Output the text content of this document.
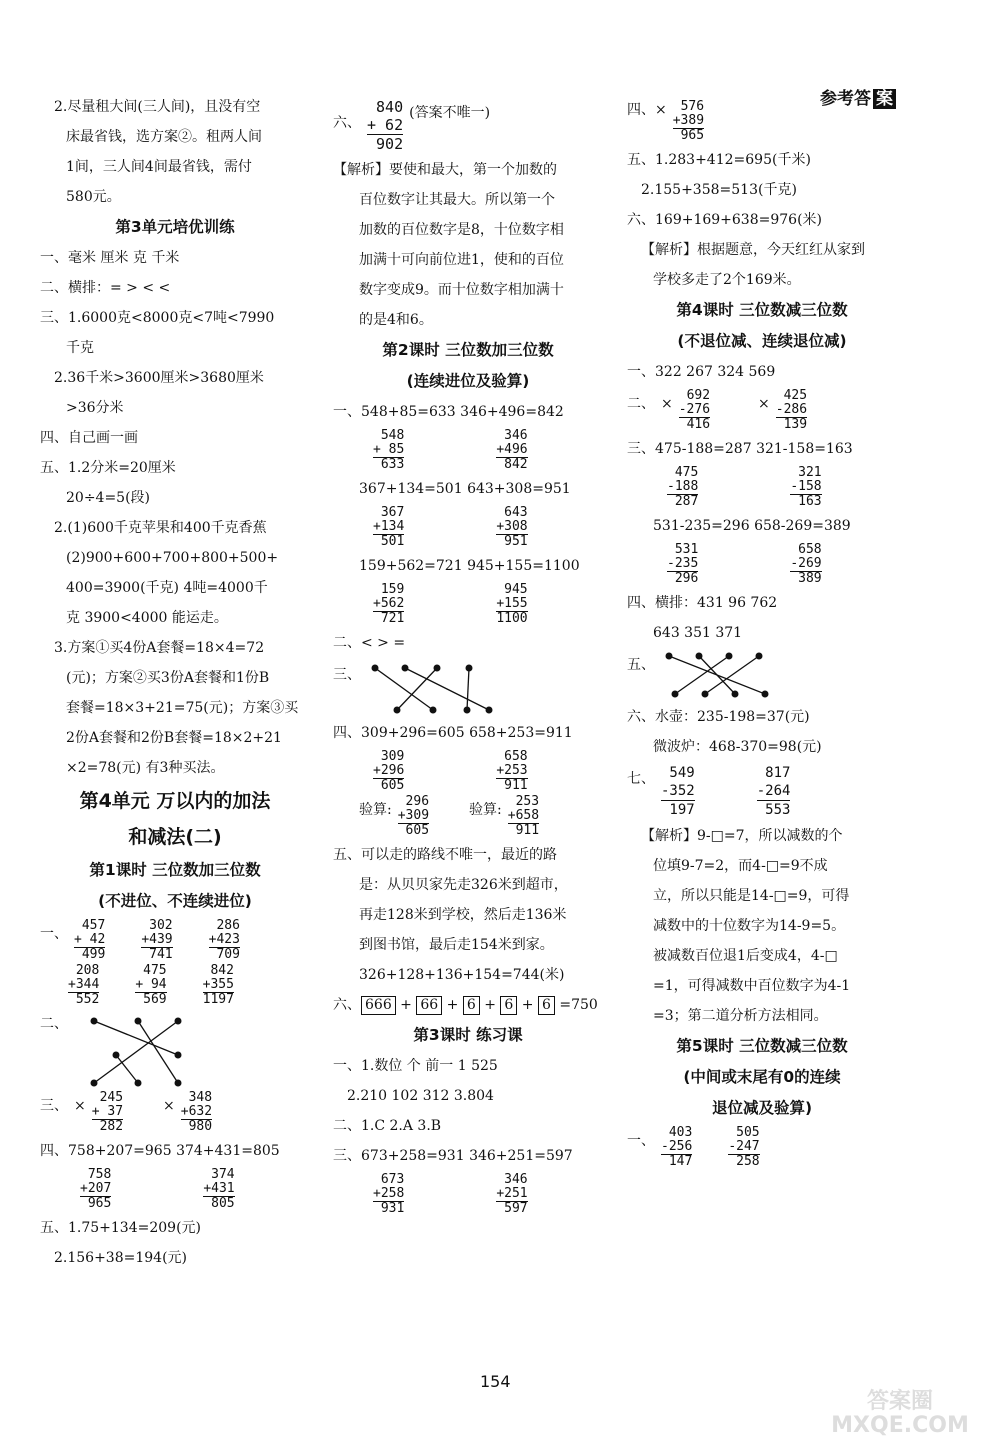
参考答 案
2.尽量租大间(三人间)，且没有空
床最省钱，选方案②。租两人间
1间，三人间4间最省钱，需付
580元。
第3单元培优训练
一、毫米 厘米 克 千米
二、横排：= > < <
三、1.6000克<8000克<7吨<7990
千克
2.36千米>3600厘米>3680厘米
>36分米
四、自己画一画
五、1.2分米=20厘米
20÷4=5(段)
2.(1)600千克苹果和400千克香蕉
(2)900+600+700+800+500+
400=3900(千克) 4吨=4000千
克 3900<4000 能运走。
3.方案①买4份A套餐=18×4=72
(元)；方案②买3份A套餐和1份B
套餐=18×3+21=75(元)；方案③买
2份A套餐和2份B套餐=18×2+21
×2=78(元) 有3种买法。
第4单元 万以内的加法
和减法(二)
第1课时 三位数加三位数
(不进位、不连续进位)
一、
457
+ 42
499
302
+439
741
286
+423
709
208
+344
552
475
+ 94
569
842
+355
1197
二、
三、 ×
245
+ 37
282
×
348
+632
980
四、758+207=965 374+431=805
758
+207
965
374
+431
805
五、1.75+134=209(元)
2.156+38=194(元)
六、
840
+ 62
902
(答案不唯一)
【解析】要使和最大，第一个加数的
百位数字让其最大。所以第一个
加数的百位数字是8，十位数字相
加满十可向前位进1，使和的百位
数字变成9。而十位数字相加满十
的是4和6。
第2课时 三位数加三位数
(连续进位及验算)
一、548+85=633 346+496=842
548
+ 85
633
346
+496
842
367+134=501 643+308=951
367
+134
501
643
+308
951
159+562=721 945+155=1100
159
+562
721
945
+155
1100
二、< > =
三、
四、309+296=605 658+253=911
309
+296
605
658
+253
911
验算:
296
+309
605
验算:
253
+658
911
五、可以走的路线不唯一，最近的路
是：从贝贝家先走326米到超市，
再走128米到学校，然后走136米
到图书馆，最后走154米到家。
326+128+136+154=744(米)
六、 666 + 66 + 6 + 6 + 6 =750
第3课时 练习课
一、1.数位 个 前一 1 525
2.210 102 312 3.804
二、1.C 2.A 3.B
三、673+258=931 346+251=597
673
+258
931
346
+251
597
四、×	576
+389
965
五、1.283+412=695(千米)
2.155+358=513(千克)
六、169+169+638=976(米)
【解析】根据题意，今天红红从家到
学校多走了2个169米。
第4课时 三位数减三位数
(不退位减、连续退位减)
一、322 267 324 569
二、 ×
692
-276
416
×
425
-286
139
三、475-188=287 321-158=163
475
-188
287
321
-158
163
531-235=296 658-269=389
531
-235
296
658
-269
389
四、横排：431 96 762
643 351 371
五、
六、水壶：235-198=37(元)
微波炉：468-370=98(元)
七、	549
-352
197
817
-264
553
【解析】9-□=7，所以减数的个
位填9-7=2，而4-□=9不成
立，所以只能是14-□=9，可得
减数中的十位数字为14-9=5。
被减数百位退1后变成4，4-□
=1，可得减数中百位数字为4-1
=3；第二道分析方法相同。
第5课时 三位数减三位数
(中间或末尾有0的连续
退位减及验算)
一、
403
-256
147
505
-247
258
154
答案圈
MXQE.COM
